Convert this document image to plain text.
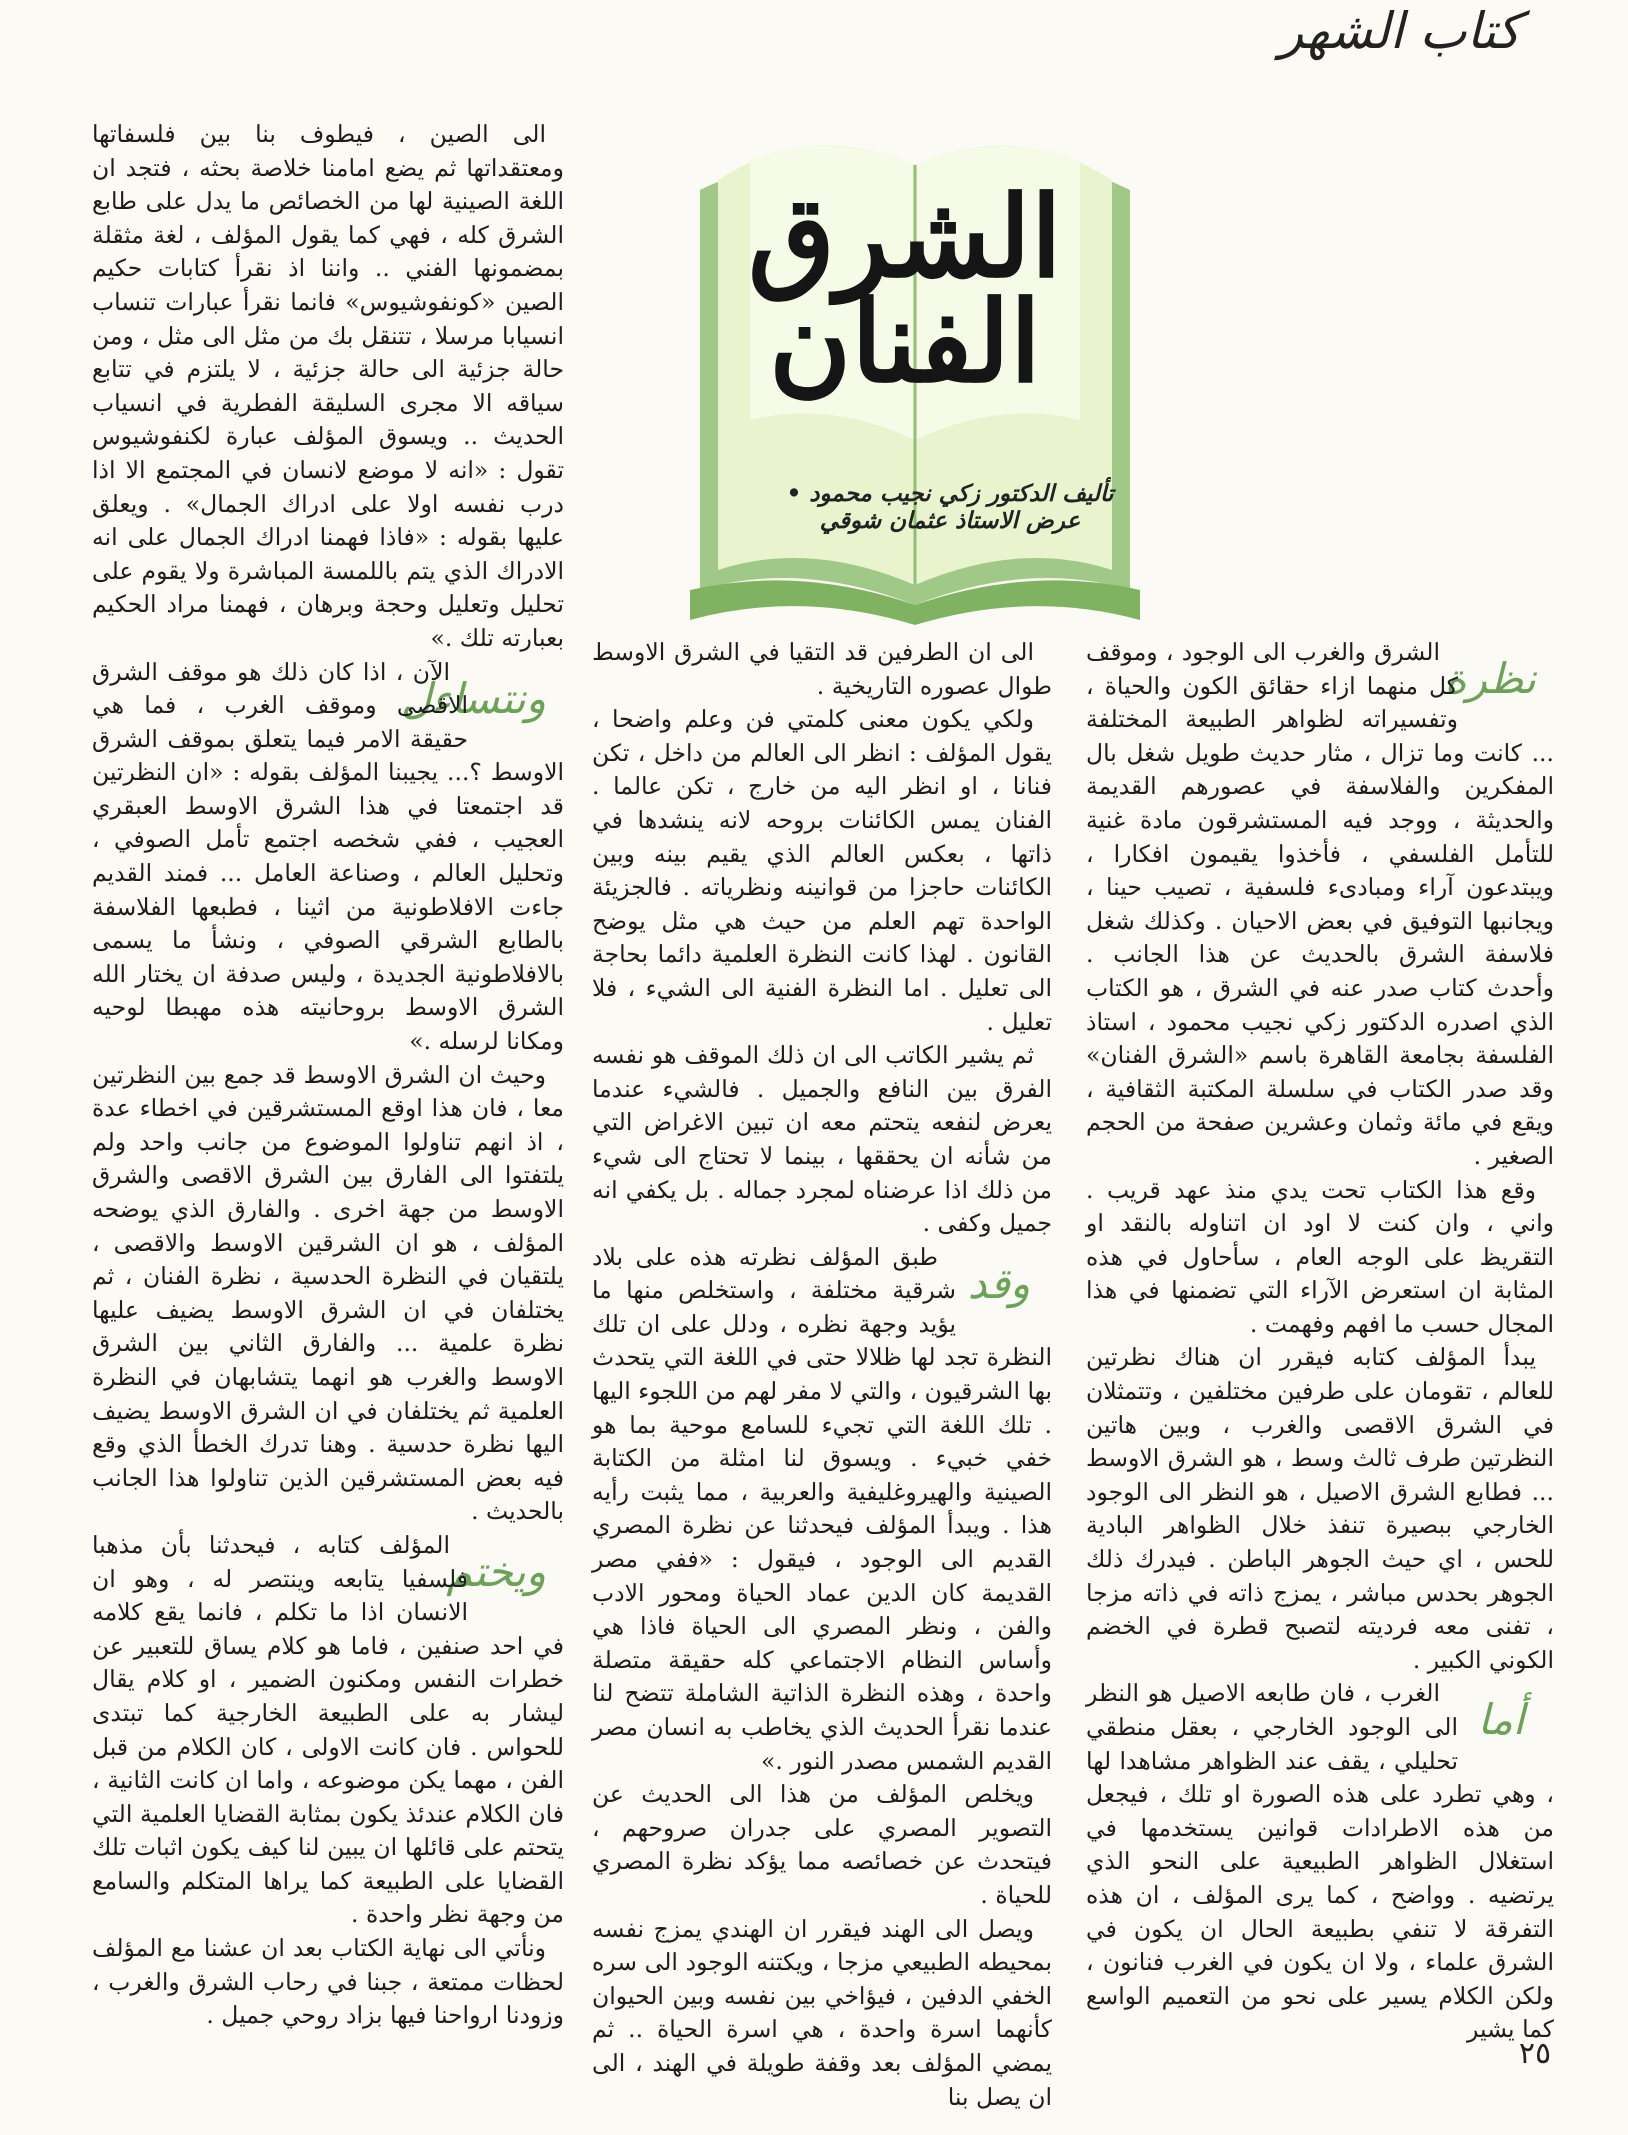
كتاب الشهر
الشرق الفنان
تأليف الدكتور زكي نجيب محمود • عرض الاستاذ عثمان شوقي

نظرة
الشرق والغرب الى الوجود ، وموقف كل منهما ازاء حقائق الكون والحياة ، وتفسيراته لظواهر الطبيعة المختلفة ... كانت وما تزال ، مثار حديث طويل شغل بال المفكرين والفلاسفة في عصورهم القديمة والحديثة ، ووجد فيه المستشرقون مادة غنية للتأمل الفلسفي ، فأخذوا يقيمون افكارا ، ويبتدعون آراء ومبادىء فلسفية ، تصيب حينا ، ويجانبها التوفيق في بعض الاحيان . وكذلك شغل فلاسفة الشرق بالحديث عن هذا الجانب . وأحدث كتاب صدر عنه في الشرق ، هو الكتاب الذي اصدره الدكتور زكي نجيب محمود ، استاذ الفلسفة بجامعة القاهرة باسم «الشرق الفنان» وقد صدر الكتاب في سلسلة المكتبة الثقافية ، ويقع في مائة وثمان وعشرين صفحة من الحجم الصغير .

وقع هذا الكتاب تحت يدي منذ عهد قريب . واني ، وان كنت لا اود ان اتناوله بالنقد او التقريظ على الوجه العام ، سأحاول في هذه المثابة ان استعرض الآراء التي تضمنها في هذا المجال حسب ما افهم وفهمت .

يبدأ المؤلف كتابه فيقرر ان هناك نظرتين للعالم ، تقومان على طرفين مختلفين ، وتتمثلان في الشرق الاقصى والغرب ، وبين هاتين النظرتين طرف ثالث وسط ، هو الشرق الاوسط ... فطابع الشرق الاصيل ، هو النظر الى الوجود الخارجي ببصيرة تنفذ خلال الظواهر البادية للحس ، اي حيث الجوهر الباطن . فيدرك ذلك الجوهر بحدس مباشر ، يمزج ذاته في ذاته مزجا ، تفنى معه فرديته لتصبح قطرة في الخضم الكوني الكبير .

أما
الغرب ، فان طابعه الاصيل هو النظر الى الوجود الخارجي ، بعقل منطقي تحليلي ، يقف عند الظواهر مشاهدا لها ، وهي تطرد على هذه الصورة او تلك ، فيجعل من هذه الاطرادات قوانين يستخدمها في استغلال الظواهر الطبيعية على النحو الذي يرتضيه . وواضح ، كما يرى المؤلف ، ان هذه التفرقة لا تنفي بطبيعة الحال ان يكون في الشرق علماء ، ولا ان يكون في الغرب فنانون ، ولكن الكلام يسير على نحو من التعميم الواسع كما يشير

الى ان الطرفين قد التقيا في الشرق الاوسط طوال عصوره التاريخية .

ولكي يكون معنى كلمتي فن وعلم واضحا ، يقول المؤلف : انظر الى العالم من داخل ، تكن فنانا ، او انظر اليه من خارج ، تكن عالما . الفنان يمس الكائنات بروحه لانه ينشدها في ذاتها ، بعكس العالم الذي يقيم بينه وبين الكائنات حاجزا من قوانينه ونظرياته . فالجزيئة الواحدة تهم العلم من حيث هي مثل يوضح القانون . لهذا كانت النظرة العلمية دائما بحاجة الى تعليل . اما النظرة الفنية الى الشيء ، فلا تعليل .

ثم يشير الكاتب الى ان ذلك الموقف هو نفسه الفرق بين النافع والجميل . فالشيء عندما يعرض لنفعه يتحتم معه ان تبين الاغراض التي من شأنه ان يحققها ، بينما لا تحتاج الى شيء من ذلك اذا عرضناه لمجرد جماله . بل يكفي انه جميل وكفى .

وقد
طبق المؤلف نظرته هذه على بلاد شرقية مختلفة ، واستخلص منها ما يؤيد وجهة نظره ، ودلل على ان تلك النظرة تجد لها ظلالا حتى في اللغة التي يتحدث بها الشرقيون ، والتي لا مفر لهم من اللجوء اليها . تلك اللغة التي تجيء للسامع موحية بما هو خفي خبيء . ويسوق لنا امثلة من الكتابة الصينية والهيروغليفية والعربية ، مما يثبت رأيه هذا . ويبدأ المؤلف فيحدثنا عن نظرة المصري القديم الى الوجود ، فيقول : «ففي مصر القديمة كان الدين عماد الحياة ومحور الادب والفن ، ونظر المصري الى الحياة فاذا هي وأساس النظام الاجتماعي كله حقيقة متصلة واحدة ، وهذه النظرة الذاتية الشاملة تتضح لنا عندما نقرأ الحديث الذي يخاطب به انسان مصر القديم الشمس مصدر النور .»

ويخلص المؤلف من هذا الى الحديث عن التصوير المصري على جدران صروحهم ، فيتحدث عن خصائصه مما يؤكد نظرة المصري للحياة .

ويصل الى الهند فيقرر ان الهندي يمزج نفسه بمحيطه الطبيعي مزجا ، ويكتنه الوجود الى سره الخفي الدفين ، فيؤاخي بين نفسه وبين الحيوان كأنهما اسرة واحدة ، هي اسرة الحياة .. ثم يمضي المؤلف بعد وقفة طويلة في الهند ، الى ان يصل بنا

الى الصين ، فيطوف بنا بين فلسفاتها ومعتقداتها ثم يضع امامنا خلاصة بحثه ، فتجد ان اللغة الصينية لها من الخصائص ما يدل على طابع الشرق كله ، فهي كما يقول المؤلف ، لغة مثقلة بمضمونها الفني .. واننا اذ نقرأ كتابات حكيم الصين «كونفوشيوس» فانما نقرأ عبارات تنساب انسيابا مرسلا ، تتنقل بك من مثل الى مثل ، ومن حالة جزئية الى حالة جزئية ، لا يلتزم في تتابع سياقه الا مجرى السليقة الفطرية في انسياب الحديث .. ويسوق المؤلف عبارة لكنفوشيوس تقول : «انه لا موضع لانسان في المجتمع الا اذا درب نفسه اولا على ادراك الجمال» . ويعلق عليها بقوله : «فاذا فهمنا ادراك الجمال على انه الادراك الذي يتم باللمسة المباشرة ولا يقوم على تحليل وتعليل وحجة وبرهان ، فهمنا مراد الحكيم بعبارته تلك .»

ونتساءل
الآن ، اذا كان ذلك هو موقف الشرق الاقصى وموقف الغرب ، فما هي حقيقة الامر فيما يتعلق بموقف الشرق الاوسط ؟... يجيبنا المؤلف بقوله : «ان النظرتين قد اجتمعتا في هذا الشرق الاوسط العبقري العجيب ، ففي شخصه اجتمع تأمل الصوفي ، وتحليل العالم ، وصناعة العامل ... فمند القديم جاءت الافلاطونية من اثينا ، فطبعها الفلاسفة بالطابع الشرقي الصوفي ، ونشأ ما يسمى بالافلاطونية الجديدة ، وليس صدفة ان يختار الله الشرق الاوسط بروحانيته هذه مهبطا لوحيه ومكانا لرسله .»

وحيث ان الشرق الاوسط قد جمع بين النظرتين معا ، فان هذا اوقع المستشرقين في اخطاء عدة ، اذ انهم تناولوا الموضوع من جانب واحد ولم يلتفتوا الى الفارق بين الشرق الاقصى والشرق الاوسط من جهة اخرى . والفارق الذي يوضحه المؤلف ، هو ان الشرقين الاوسط والاقصى ، يلتقيان في النظرة الحدسية ، نظرة الفنان ، ثم يختلفان في ان الشرق الاوسط يضيف عليها نظرة علمية ... والفارق الثاني بين الشرق الاوسط والغرب هو انهما يتشابهان في النظرة العلمية ثم يختلفان في ان الشرق الاوسط يضيف اليها نظرة حدسية . وهنا تدرك الخطأ الذي وقع فيه بعض المستشرقين الذين تناولوا هذا الجانب بالحديث .

ويختم
المؤلف كتابه ، فيحدثنا بأن مذهبا فلسفيا يتابعه وينتصر له ، وهو ان الانسان اذا ما تكلم ، فانما يقع كلامه في احد صنفين ، فاما هو كلام يساق للتعبير عن خطرات النفس ومكنون الضمير ، او كلام يقال ليشار به على الطبيعة الخارجية كما تبتدى للحواس . فان كانت الاولى ، كان الكلام من قبل الفن ، مهما يكن موضوعه ، واما ان كانت الثانية ، فان الكلام عندئذ يكون بمثابة القضايا العلمية التي يتحتم على قائلها ان يبين لنا كيف يكون اثبات تلك القضايا على الطبيعة كما يراها المتكلم والسامع من وجهة نظر واحدة .

ونأتي الى نهاية الكتاب بعد ان عشنا مع المؤلف لحظات ممتعة ، جبنا في رحاب الشرق والغرب ، وزودنا ارواحنا فيها بزاد روحي جميل .

٢٥
